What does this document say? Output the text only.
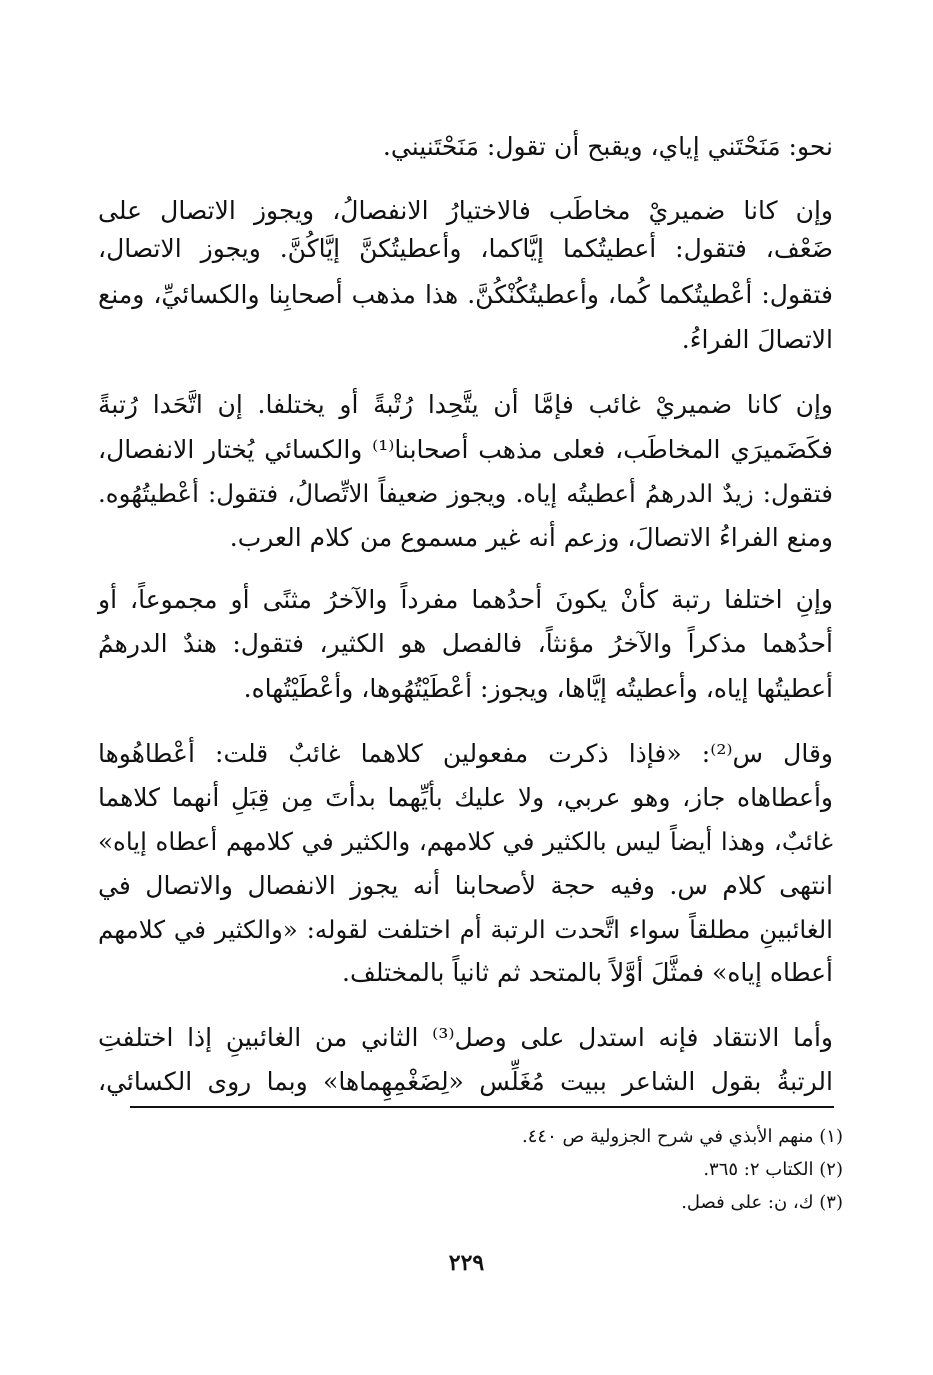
نحو: مَنَحْتَني إياي، ويقبح أن تقول: مَنَحْتَنيني.
وإن كانا ضميريْ مخاطَب فالاختيارُ الانفصالُ، ويجوز الاتصال على
ضَعْف، فتقول: أعطيتُكما إيَّاكما، وأعطيتُكنَّ إيَّاكُنَّ. ويجوز الاتصال،
فتقول: أعْطيتُكما كُما، وأعطيتُكُنْكُنَّ. هذا مذهب أصحابِنا والكسائيِّ، ومنع
الاتصالَ الفراءُ.
وإن كانا ضميريْ غائب فإمَّا أن يتَّحِدا رُتْبةً أو يختلفا. إن اتَّحَدا رُتبةً
فكَضَميرَي المخاطَب، فعلى مذهب أصحابنا⁽¹⁾ والكسائي يُختار الانفصال،
فتقول: زيدٌ الدرهمُ أعطيتُه إياه. ويجوز ضعيفاً الاتِّصالُ، فتقول: أعْطيتُهُوه.
ومنع الفراءُ الاتصالَ، وزعم أنه غير مسموع من كلام العرب.
وإنِ اختلفا رتبة كأنْ يكونَ أحدُهما مفرداً والآخرُ مثنًى أو مجموعاً، أو
أحدُهما مذكراً والآخرُ مؤنثاً، فالفصل هو الكثير، فتقول: هندٌ الدرهمُ
أعطيتُها إياه، وأعطيتُه إيَّاها، ويجوز: أعْطَيْتُهُوها، وأعْطَيْتُهاه.
وقال س⁽²⁾: «فإذا ذكرت مفعولين كلاهما غائبٌ قلت: أعْطاهُوها
وأعطاهاه جاز، وهو عربي، ولا عليك بأيِّهما بدأتَ مِن قِبَلِ أنهما كلاهما
غائبٌ، وهذا أيضاً ليس بالكثير في كلامهم، والكثير في كلامهم أعطاه إياه»
انتهى كلام س. وفيه حجة لأصحابنا أنه يجوز الانفصال والاتصال في
الغائبينِ مطلقاً سواء اتَّحدت الرتبة أم اختلفت لقوله: «والكثير في كلامهم
أعطاه إياه» فمثَّلَ أوَّلاً بالمتحد ثم ثانياً بالمختلف.
وأما الانتقاد فإنه استدل على وصل⁽³⁾ الثاني من الغائبينِ إذا اختلفتِ
الرتبةُ بقول الشاعر ببيت مُغَلِّس «لِضَغْمِهِماها» وبما روى الكسائي،
(١) منهم الأبذي في شرح الجزولية ص ٤٤٠.
(٢) الكتاب ٢: ٣٦٥.
(٣) ك، ن: على فصل.
٢٢٩
